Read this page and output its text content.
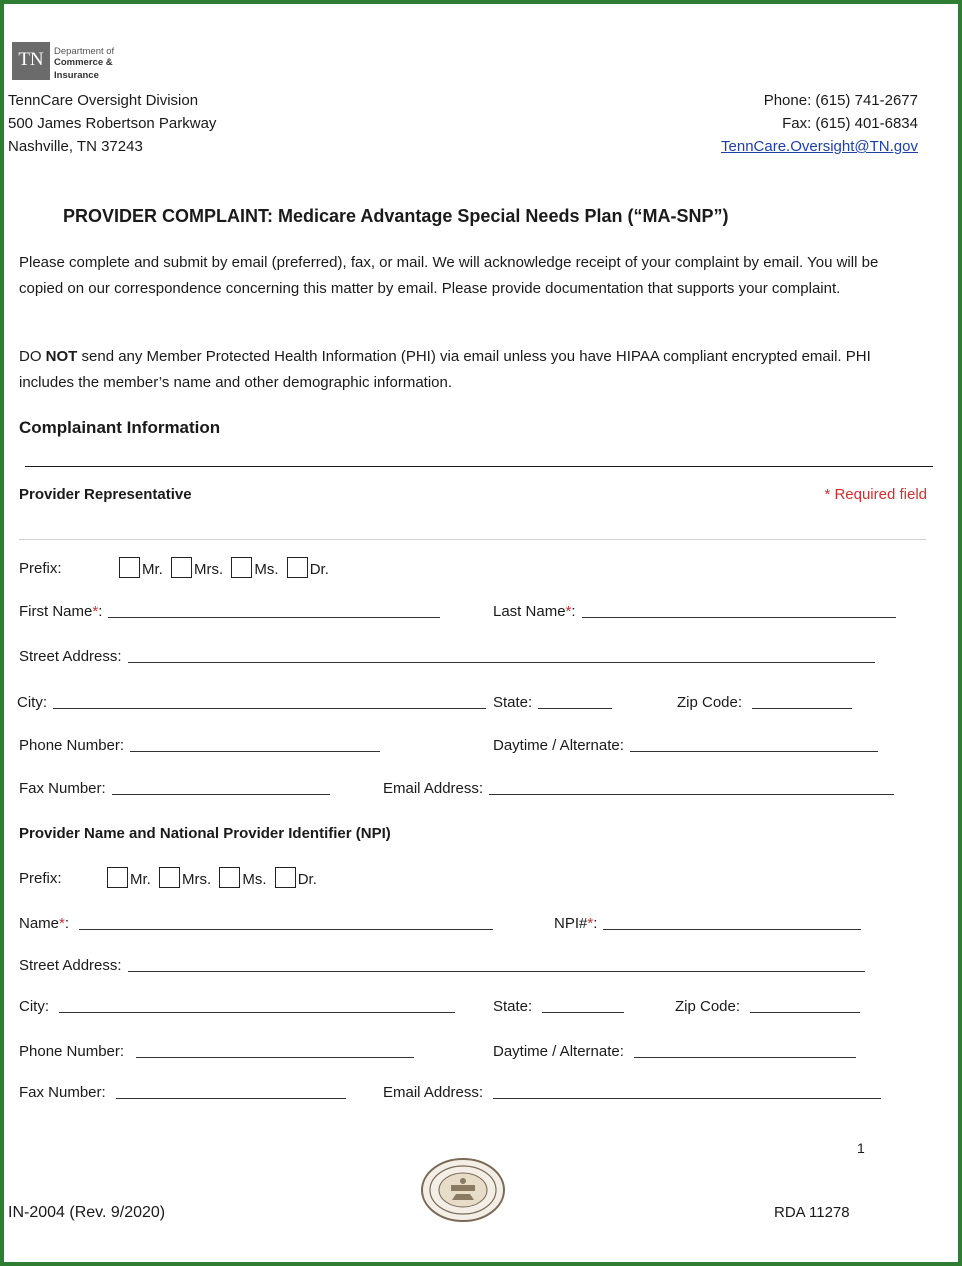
TN	Department of
Commerce &
Insurance
TennCare Oversight Division
500 James Robertson Parkway
Nashville, TN 37243
Phone: (615) 741-2677
Fax: (615) 401-6834
TennCare.Oversight@TN.gov
PROVIDER COMPLAINT: Medicare Advantage Special Needs Plan (“MA-SNP”)
Please complete and submit by email (preferred), fax, or mail. We will acknowledge receipt of your complaint by email. You will be copied on our correspondence concerning this matter by email. Please provide documentation that supports your complaint.
DO NOT send any Member Protected Health Information (PHI) via email unless you have HIPAA compliant encrypted email. PHI includes the member’s name and other demographic information.
Complainant Information
Provider Representative	* Required field
Prefix:	Mr. Mrs. Ms. Dr.
First Name*:	Last Name*:
Street Address:
City:	State:	Zip Code:
Phone Number:	Daytime / Alternate:
Fax Number:	Email Address:
Provider Name and National Provider Identifier (NPI)
Prefix:	Mr. Mrs. Ms. Dr.
Name*:	NPI#*:
Street Address:
City:	State:	Zip Code:
Phone Number:	Daytime / Alternate:
Fax Number:	Email Address:
1
IN-2004 (Rev. 9/2020)	RDA 11278
